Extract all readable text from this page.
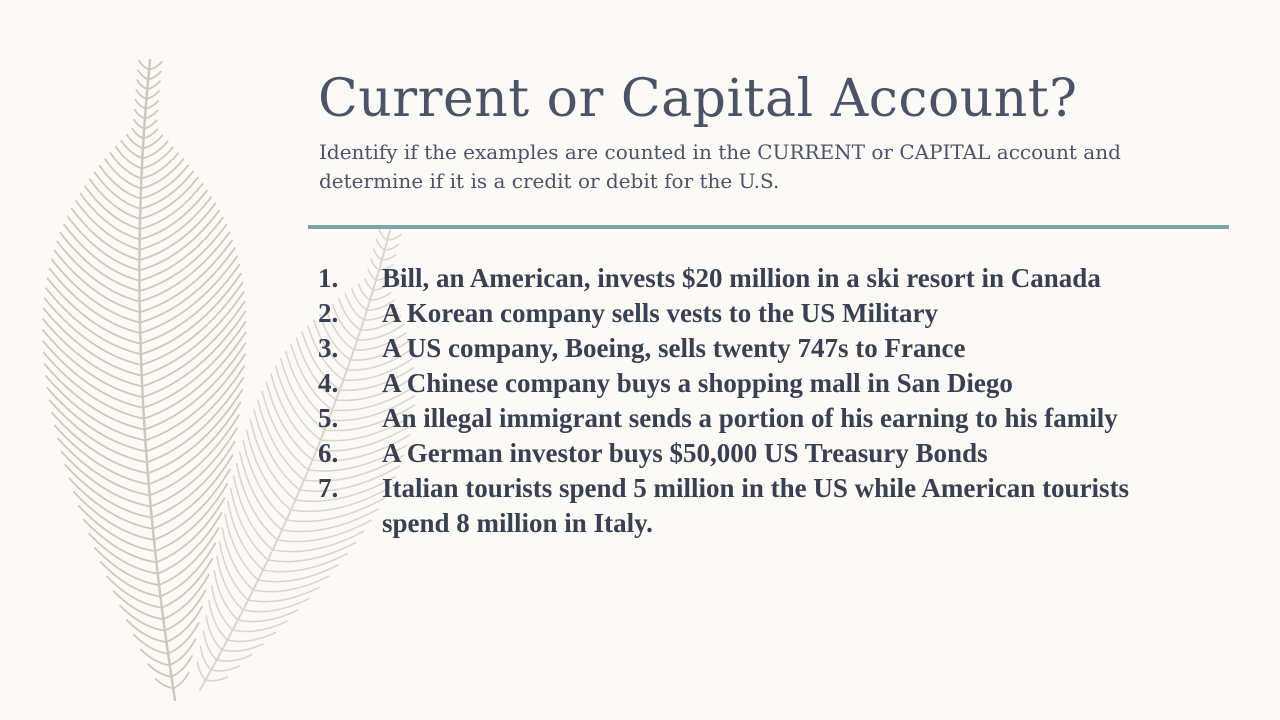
Current or Capital Account?

Identify if the examples are counted in the CURRENT or CAPITAL account and determine if it is a credit or debit for the U.S.

1. Bill, an American, invests $20 million in a ski resort in Canada
2. A Korean company sells vests to the US Military
3. A US company, Boeing, sells twenty 747s to France
4. A Chinese company buys a shopping mall in San Diego
5. An illegal immigrant sends a portion of his earning to his family
6. A German investor buys $50,000 US Treasury Bonds
7. Italian tourists spend 5 million in the US while American tourists spend 8 million in Italy.
